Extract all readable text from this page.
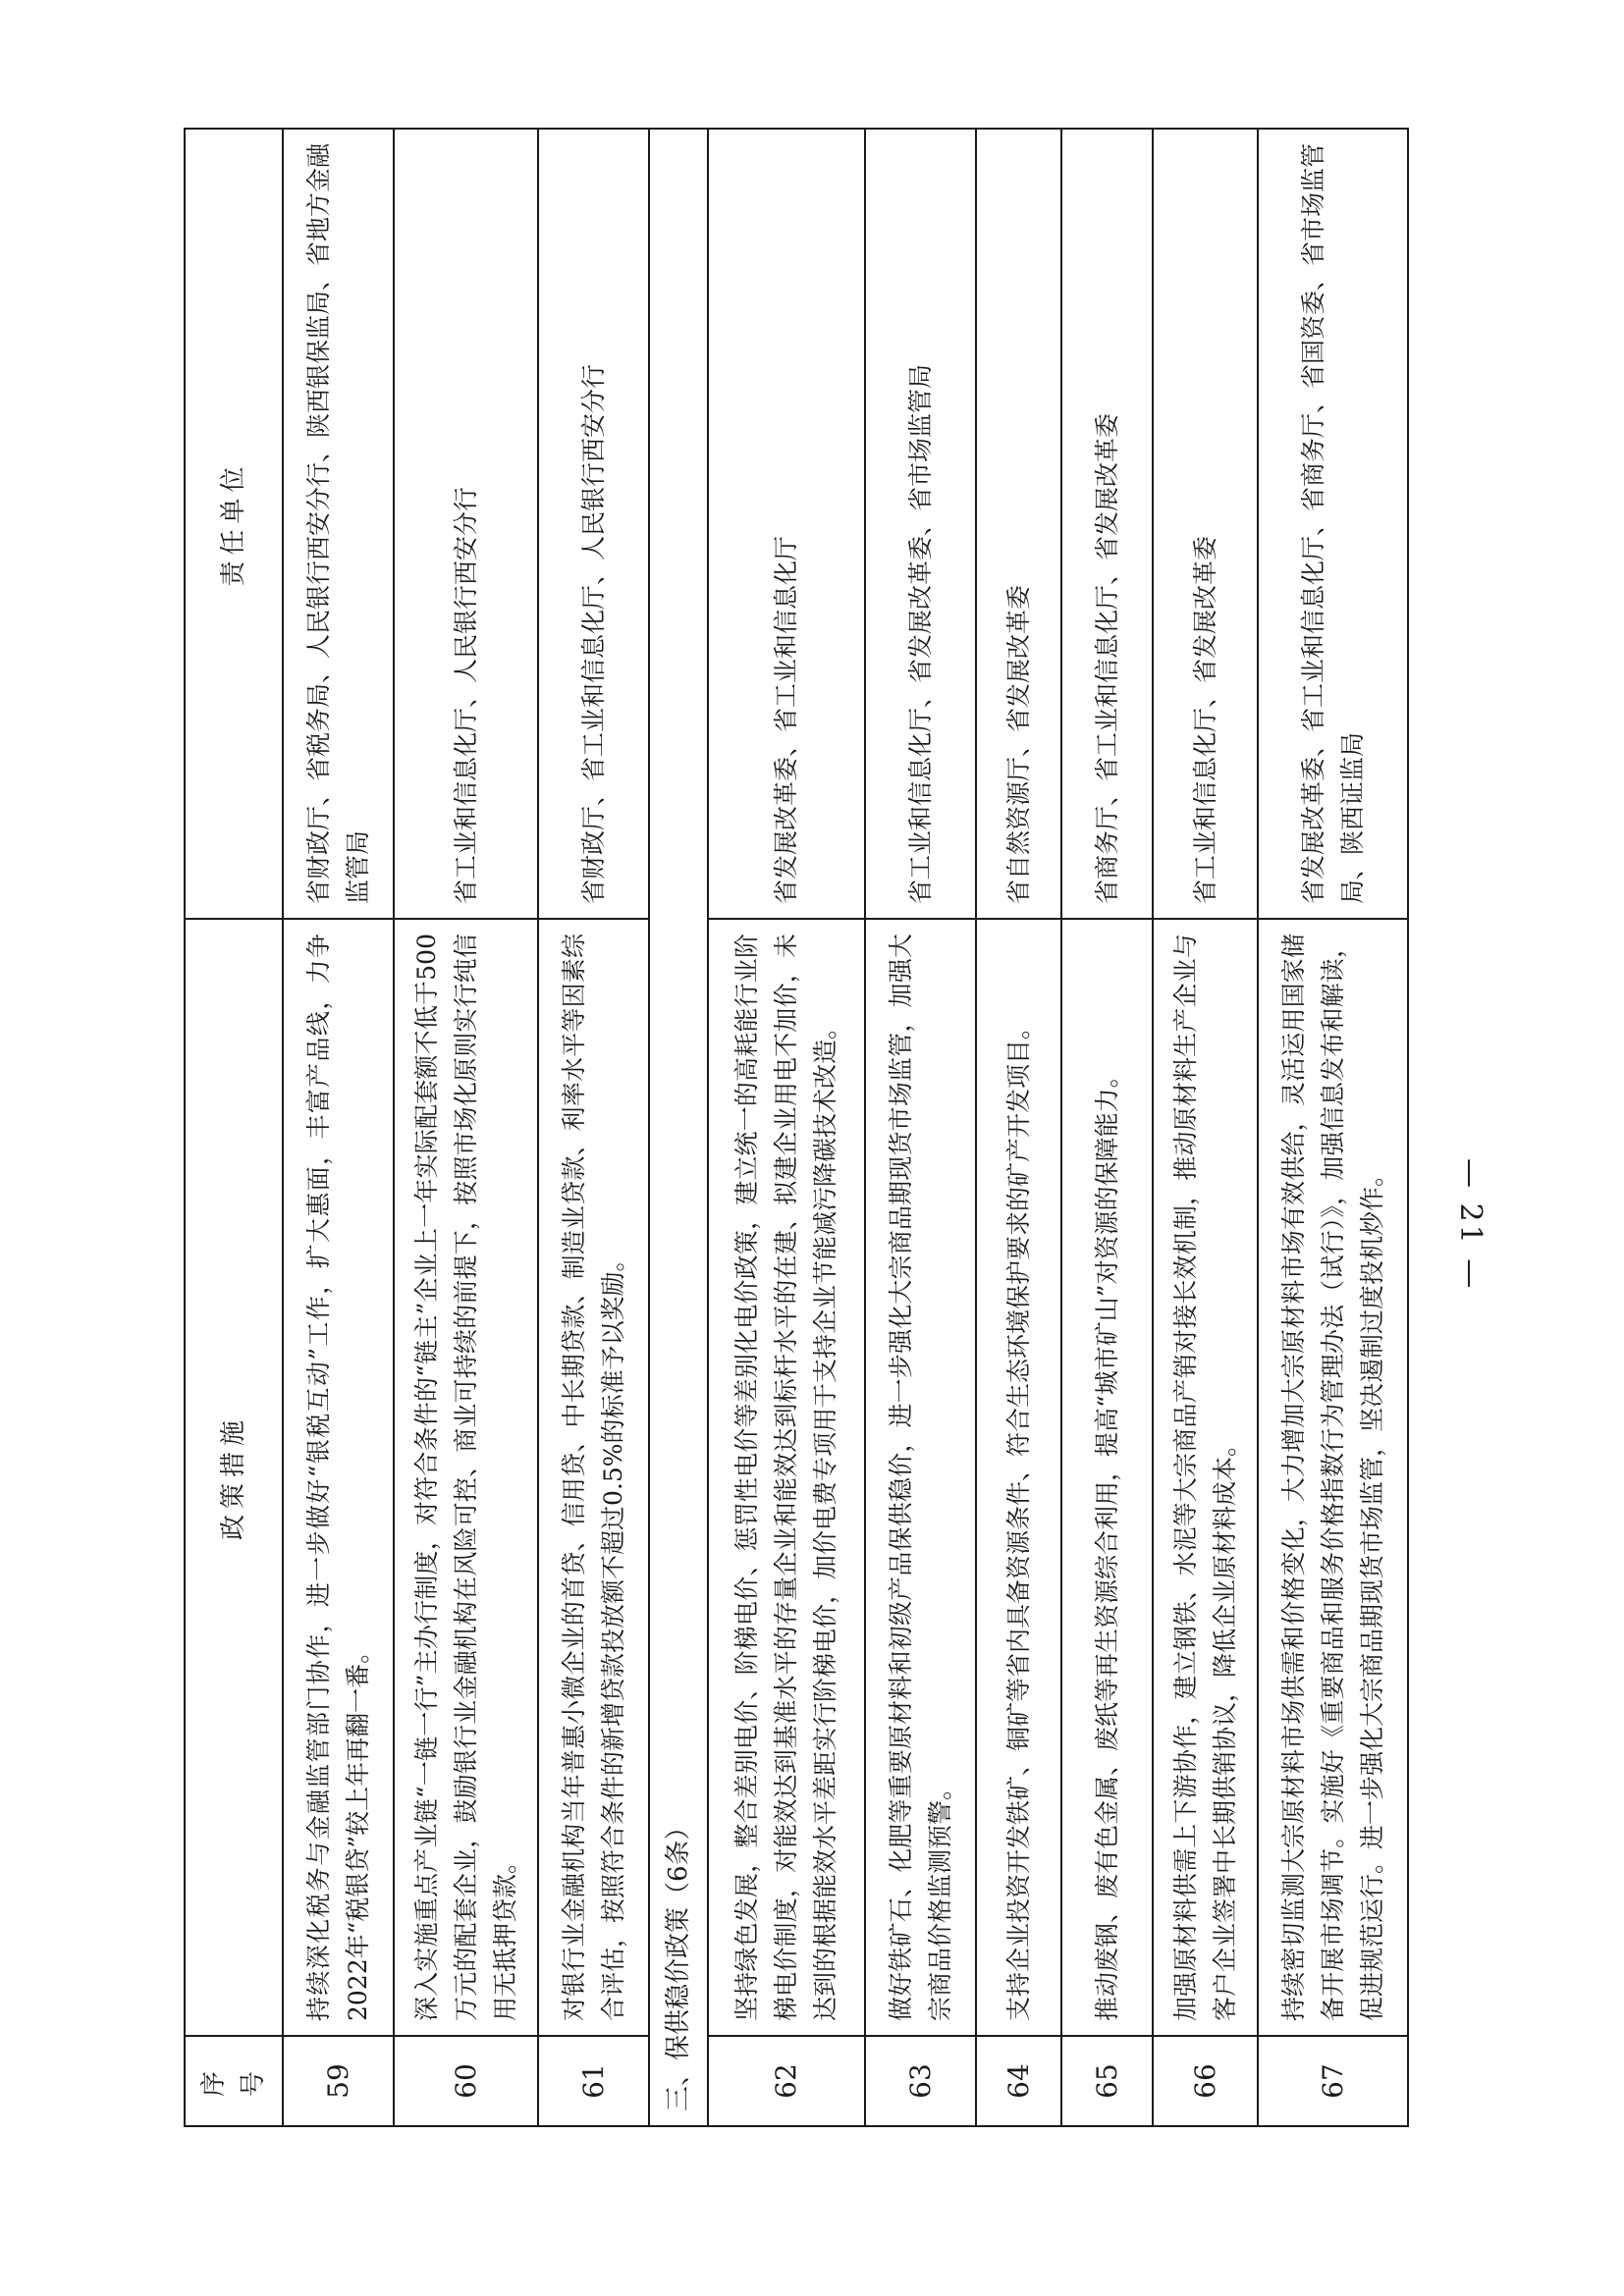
— 21 —
序号	政策措施	责任单位
59	持续深化税务与金融监管部门协作，进一步做好“银税互动”工作，扩大惠面，丰富产品线，力争2022年“税银贷”较上年再翻一番。	省财政厅、省税务局、人民银行西安分行、陕西银保监局、省地方金融监管局
60	深入实施重点产业链“一链一行”主办行制度，对符合条件的“链主”企业上一年实际配套额不低于500万元的配套企业，鼓励银行业金融机构在风险可控、商业可持续的前提下，按照市场化原则实行纯信用无抵押贷款。	省工业和信息化厅、人民银行西安分行
61	对银行业金融机构当年普惠小微企业的首贷、信用贷、中长期贷款、制造业贷款、利率水平等因素综合评估，按照符合条件的新增贷款投放额不超过0.5%的标准予以奖励。	省财政厅、省工业和信息化厅、人民银行西安分行
三、保供稳价政策（6条）		
62	坚持绿色发展，整合差别电价、阶梯电价、惩罚性电价等差别化电价政策，建立统一的高耗能行业阶梯电价制度，对能效达到基准水平的存量企业和能效达到标杆水平的在建、拟建企业用电不加价，未达到的根据能效水平差距实行阶梯电价，加价电费专项用于支持企业节能减污降碳技术改造。	省发展改革委、省工业和信息化厅
63	做好铁矿石、化肥等重要原材料和初级产品保供稳价，进一步强化大宗商品期现货市场监管，加强大宗商品价格监测预警。	省工业和信息化厅、省发展改革委、省市场监管局
64	支持企业投资开发铁矿、铜矿等省内具备资源条件、符合生态环境保护要求的矿产开发项目。	省自然资源厅、省发展改革委
65	推动废钢、废有色金属、废纸等再生资源综合利用，提高“城市矿山”对资源的保障能力。	省商务厅、省工业和信息化厅、省发展改革委
66	加强原材料供需上下游协作，建立钢铁、水泥等大宗商品产销对接长效机制，推动原材料生产企业与客户企业签署中长期供销协议，降低企业原材料成本。	省工业和信息化厅、省发展改革委
67	持续密切监测大宗原材料市场供需和价格变化，大力增加大宗原材料市场有效供给，灵活运用国家储备开展市场调节。实施好《重要商品和服务价格指数行为管理办法（试行）》，加强信息发布和解读，促进规范运行。进一步强化大宗商品期现货市场监管，坚决遏制过度投机炒作。	省发展改革委、省工业和信息化厅、省商务厅、省国资委、省市场监管局、陕西证监局
